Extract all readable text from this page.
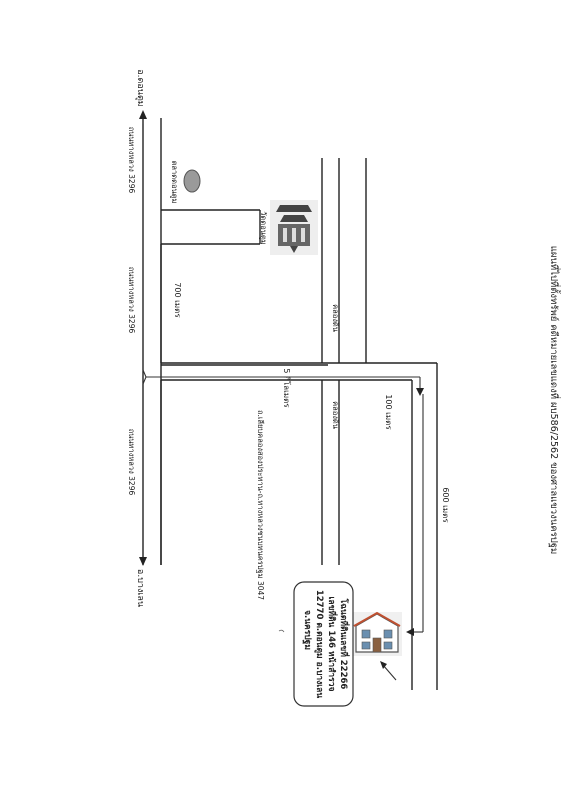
แผนที่ไปที่ตั้งทรัพย์ คดีหมายเลขแดงที่ ผบ586/2562 ของศาลแขวงนครปฐม
อ.ดอนตูม
อ.บางเลน
ถนนทางหลวง 3296
ถนนทางหลวง 3296
ถนนทางหลวง 3296
ตลาดดอนตูม
วัดดอนตูม
700 เมตร
คลองดิน
5 กิโลเมตร
ถ.เลียบคลองสองประทาน-ถ.ทางหลวงชนบทนครปฐม 3047	คลองดิน	100 เมตร
600 เมตร
โฉนดที่ดินเลขที่ 22266
เลขที่ดิน 146 หน้าสำรวจ
12770 ต.ดอนตูม อ.บางเลน
จ.นครปฐม
